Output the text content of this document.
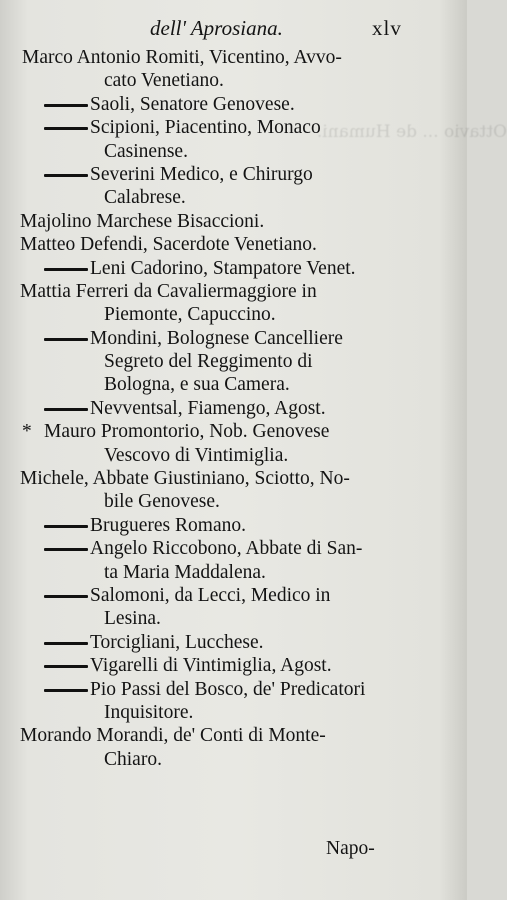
Ottavio ... de Humani.
dell' Aprosiana.	xlv
Marco Antonio Romiti, Vicentino, Avvo-
cato Venetiano.
Saoli, Senatore Genovese.
Scipioni, Piacentino, Monaco
Casinense.
Severini Medico, e Chirurgo
Calabrese.
Majolino Marchese Bisaccioni.
Matteo Defendi, Sacerdote Venetiano.
Leni Cadorino, Stampatore Venet.
Mattia Ferreri da Cavaliermaggiore in
Piemonte, Capuccino.
Mondini, Bolognese Cancelliere
Segreto del Reggimento di
Bologna, e sua Camera.
Nevventsal, Fiamengo, Agost.
* Mauro Promontorio, Nob. Genovese
Vescovo di Vintimiglia.
Michele, Abbate Giustiniano, Sciotto, No-
bile Genovese.
Brugueres Romano.
Angelo Riccobono, Abbate di San-
ta Maria Maddalena.
Salomoni, da Lecci, Medico in
Lesina.
Torcigliani, Lucchese.
Vigarelli di Vintimiglia, Agost.
Pio Passi del Bosco, de' Predicatori
Inquisitore.
Morando Morandi, de' Conti di Monte-
Chiaro.
Napo-
